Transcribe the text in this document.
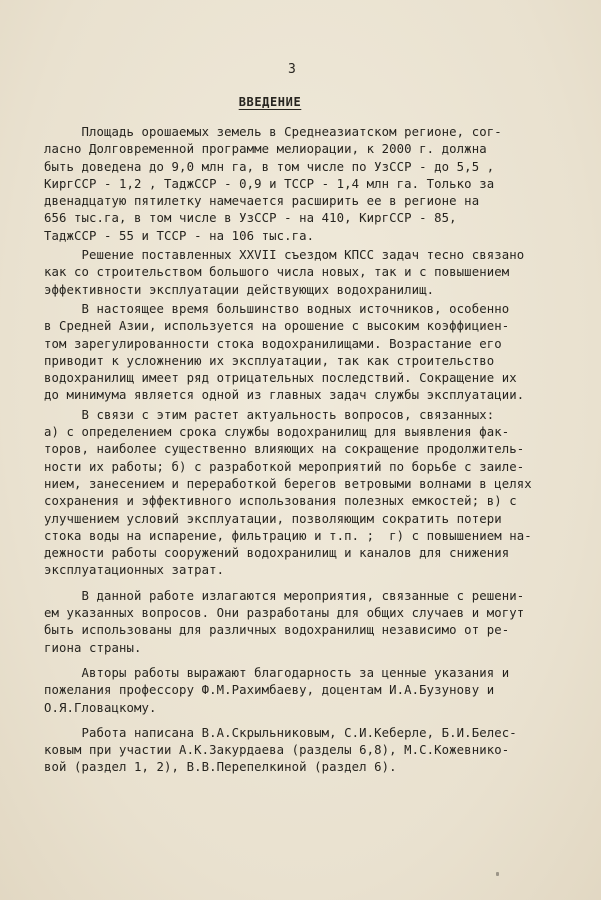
3
ВВЕДЕНИЕ
Площадь орошаемых земель в Среднеазиатском регионе, сог-
ласно Долговременной программе мелиорации, к 2000 г. должна
быть доведена до 9,0 млн га, в том числе по УзССР - до 5,5 ,
КиргССР - 1,2 , ТаджССР - 0,9 и ТССР - 1,4 млн га. Только за
двенадцатую пятилетку намечается расширить ее в регионе на
656 тыс.га, в том числе в УзССР - на 410, КиргССР - 85,
ТаджССР - 55 и ТССР - на 106 тыс.га.
Решение поставленных XXVII съездом КПСС задач тесно связано
как со строительством большого числа новых, так и с повышением
эффективности эксплуатации действующих водохранилищ.
В настоящее время большинство водных источников, особенно
в Средней Азии, используется на орошение с высоким коэффициен-
том зарегулированности стока водохранилищами. Возрастание его
приводит к усложнению их эксплуатации, так как строительство
водохранилищ имеет ряд отрицательных последствий. Сокращение их
до минимума является одной из главных задач службы эксплуатации.
В связи с этим растет актуальность вопросов, связанных:
а) с определением срока службы водохранилищ для выявления фак-
торов, наиболее существенно влияющих на сокращение продолжитель-
ности их работы; б) с разработкой мероприятий по борьбе с заиле-
нием, занесением и переработкой берегов ветровыми волнами в целях
сохранения и эффективного использования полезных емкостей; в) с
улучшением условий эксплуатации, позволяющим сократить потери
стока воды на испарение, фильтрацию и т.п. ;  г) с повышением на-
дежности работы сооружений водохранилищ и каналов для снижения
эксплуатационных затрат.
В данной работе излагаются мероприятия, связанные с решени-
ем указанных вопросов. Они разработаны для общих случаев и могут
быть использованы для различных водохранилищ независимо от ре-
гиона страны.
Авторы работы выражают благодарность за ценные указания и
пожелания профессору Ф.М.Рахимбаеву, доцентам И.А.Бузунову и
О.Я.Гловацкому.
Работа написана В.А.Скрыльниковым, С.И.Кеберле, Б.И.Белес-
ковым при участии А.К.Закурдаева (разделы 6,8), М.С.Кожевнико-
вой (раздел 1, 2), В.В.Перепелкиной (раздел 6).
